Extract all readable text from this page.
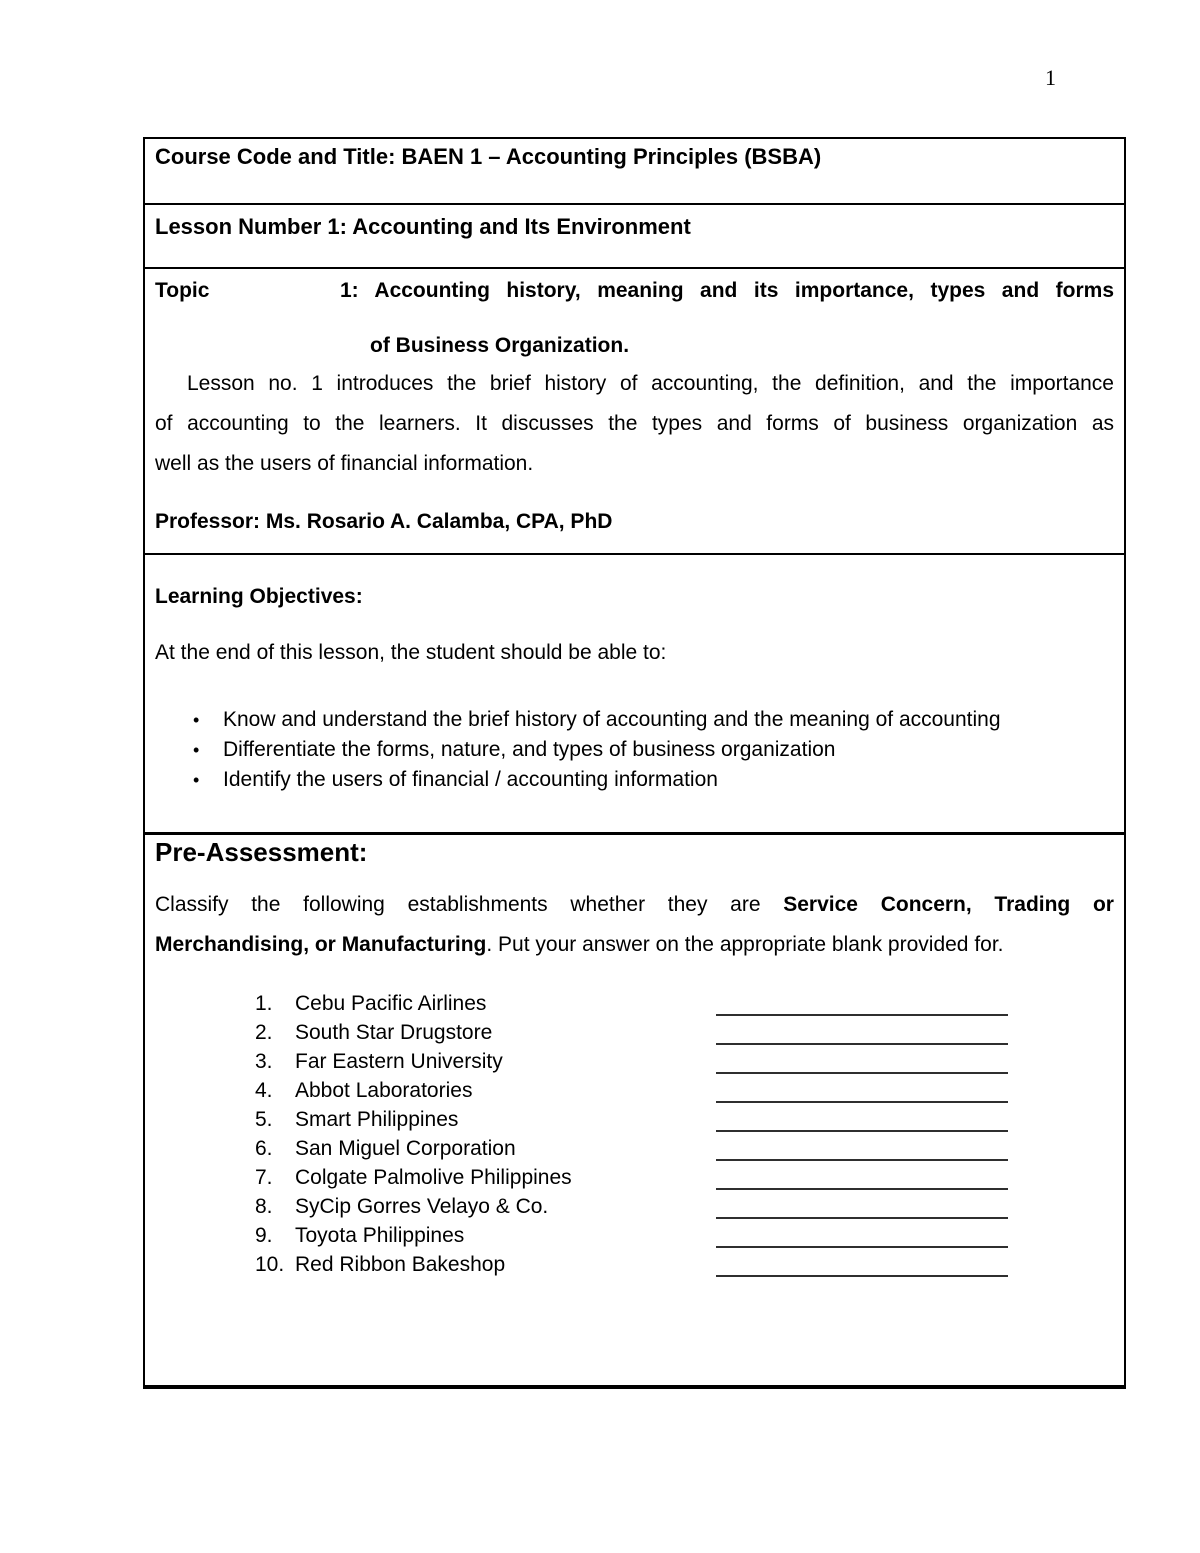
1
Course Code and Title: BAEN 1 – Accounting Principles (BSBA)
Lesson Number 1: Accounting and Its Environment
Topic	1: Accounting history, meaning and its importance, types and forms
of Business Organization.
Lesson no. 1 introduces the brief history of accounting, the definition, and the importance
of accounting to the learners. It discusses the types and forms of business organization as
well as the users of financial information.
Professor: Ms. Rosario A. Calamba, CPA, PhD
Learning Objectives:
At the end of this lesson, the student should be able to:
•	Know and understand the brief history of accounting and the meaning of accounting
•	Differentiate the forms, nature, and types of business organization
•	Identify the users of financial / accounting information
Pre-Assessment:
Classify the following establishments whether they are Service Concern, Trading or
Merchandising, or Manufacturing. Put your answer on the appropriate blank provided for.
1. Cebu Pacific Airlines
2. South Star Drugstore
3. Far Eastern University
4. Abbot Laboratories
5. Smart Philippines
6. San Miguel Corporation
7. Colgate Palmolive Philippines
8. SyCip Gorres Velayo & Co.
9. Toyota Philippines
10. Red Ribbon Bakeshop
